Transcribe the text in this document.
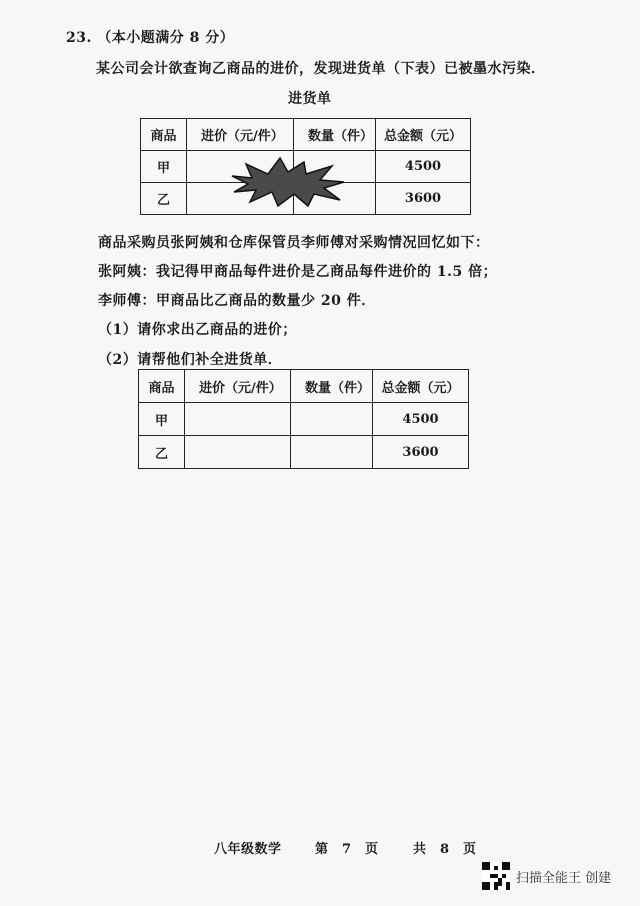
23. （本小题满分 8 分）
某公司会计欲查询乙商品的进价，发现进货单（下表）已被墨水污染．
进货单
商品	进价（元/件）	数量（件）	总金额（元）
甲			4500
乙			3600
商品采购员张阿姨和仓库保管员李师傅对采购情况回忆如下：
张阿姨：我记得甲商品每件进价是乙商品每件进价的 1.5 倍；
李师傅：甲商品比乙商品的数量少 20 件．
（1）请你求出乙商品的进价；
（2）请帮他们补全进货单．
商品	进价（元/件）	数量（件）	总金额（元）
甲			4500
乙			3600
八年级数学	第　7　页	共　8　页
扫描全能王 创建
